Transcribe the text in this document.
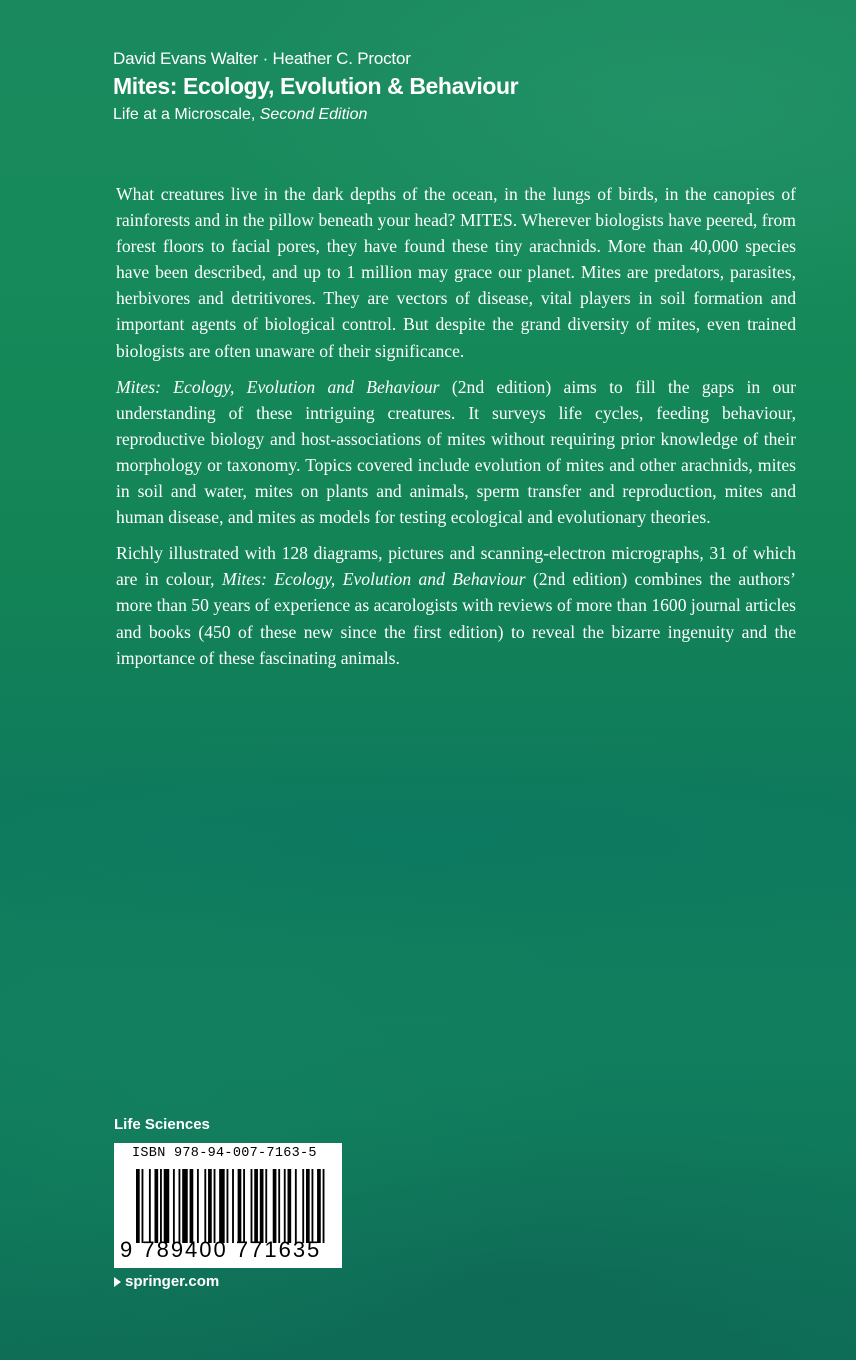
David Evans Walter · Heather C. Proctor
Mites: Ecology, Evolution & Behaviour
Life at a Microscale, Second Edition

What creatures live in the dark depths of the ocean, in the lungs of birds, in the canopies of rainforests and in the pillow beneath your head? MITES. Wherever biologists have peered, from forest floors to facial pores, they have found these tiny arachnids. More than 40,000 species have been described, and up to 1 million may grace our planet. Mites are predators, parasites, herbivores and detritivores. They are vectors of disease, vital players in soil formation and important agents of biological control. But despite the grand diversity of mites, even trained biologists are often unaware of their significance.

Mites: Ecology, Evolution and Behaviour (2nd edition) aims to fill the gaps in our understanding of these intriguing creatures. It surveys life cycles, feeding behaviour, reproductive biology and host-associations of mites without requiring prior knowledge of their morphology or taxonomy. Topics covered include evolution of mites and other arachnids, mites in soil and water, mites on plants and animals, sperm transfer and reproduction, mites and human disease, and mites as models for testing ecological and evolutionary theories.

Richly illustrated with 128 diagrams, pictures and scanning-electron micrographs, 31 of which are in colour, Mites: Ecology, Evolution and Behaviour (2nd edition) combines the authors’ more than 50 years of experience as acarologists with reviews of more than 1600 journal articles and books (450 of these new since the first edition) to reveal the bizarre ingenuity and the importance of these fascinating animals.

Life Sciences
ISBN 978-94-007-7163-5
9 789400 771635
springer.com
